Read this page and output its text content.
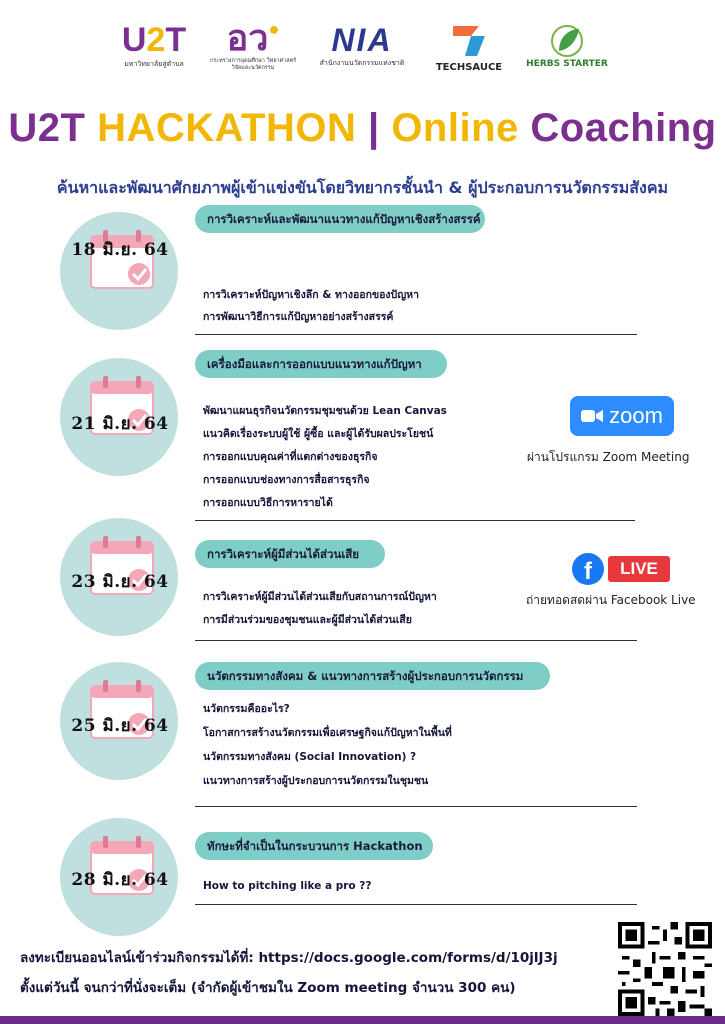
U2T
มหาวิทยาลัยสู่ตำบล
อว●
กระทรวงการอุดมศึกษา วิทยาศาสตร์ วิจัยและนวัตกรรม
NIA
สำนักงานนวัตกรรมแห่งชาติ	TECHSAUCE	HERBS STARTER
U2T HACKATHON | Online Coaching
ค้นหาและพัฒนาศักยภาพผู้เข้าแข่งขันโดยวิทยากรชั้นนำ & ผู้ประกอบการนวัตกรรมสังคม
18 มิ.ย. 64
การวิเคราะห์และพัฒนาแนวทางแก้ปัญหาเชิงสร้างสรรค์
การวิเคราะห์ปัญหาเชิงลึก & ทางออกของปัญหา
การพัฒนาวิธีการแก้ปัญหาอย่างสร้างสรรค์
21 มิ.ย. 64
เครื่องมือและการออกแบบแนวทางแก้ปัญหา
พัฒนาแผนธุรกิจนวัตกรรมชุมชนด้วย Lean Canvas
แนวคิดเรื่องระบบผู้ใช้ ผู้ซื้อ และผู้ได้รับผลประโยชน์
การออกแบบคุณค่าที่แตกต่างของธุรกิจ
การออกแบบช่องทางการสื่อสารธุรกิจ
การออกแบบวิธีการหารายได้
23 มิ.ย. 64
การวิเคราะห์ผู้มีส่วนได้ส่วนเสีย
การวิเคราะห์ผู้มีส่วนได้ส่วนเสียกับสถานการณ์ปัญหา
การมีส่วนร่วมของชุมชนและผู้มีส่วนได้ส่วนเสีย
25 มิ.ย. 64
นวัตกรรมทางสังคม & แนวทางการสร้างผู้ประกอบการนวัตกรรม
นวัตกรรมคืออะไร?
โอกาสการสร้างนวัตกรรมเพื่อเศรษฐกิจแก้ปัญหาในพื้นที่
นวัตกรรมทางสังคม (Social Innovation) ?
แนวทางการสร้างผู้ประกอบการนวัตกรรมในชุมชน
28 มิ.ย. 64
ทักษะที่จำเป็นในกระบวนการ Hackathon
How to pitching like a pro ??
zoom
ผ่านโปรแกรม Zoom Meeting
f	LIVE
ถ่ายทอดสดผ่าน Facebook Live
ลงทะเบียนออนไลน์เข้าร่วมกิจกรรมได้ที่: https://docs.google.com/forms/d/10jlJ3j
ตั้งแต่วันนี้ จนกว่าที่นั่งจะเต็ม (จำกัดผู้เข้าชมใน Zoom meeting จำนวน 300 คน)
